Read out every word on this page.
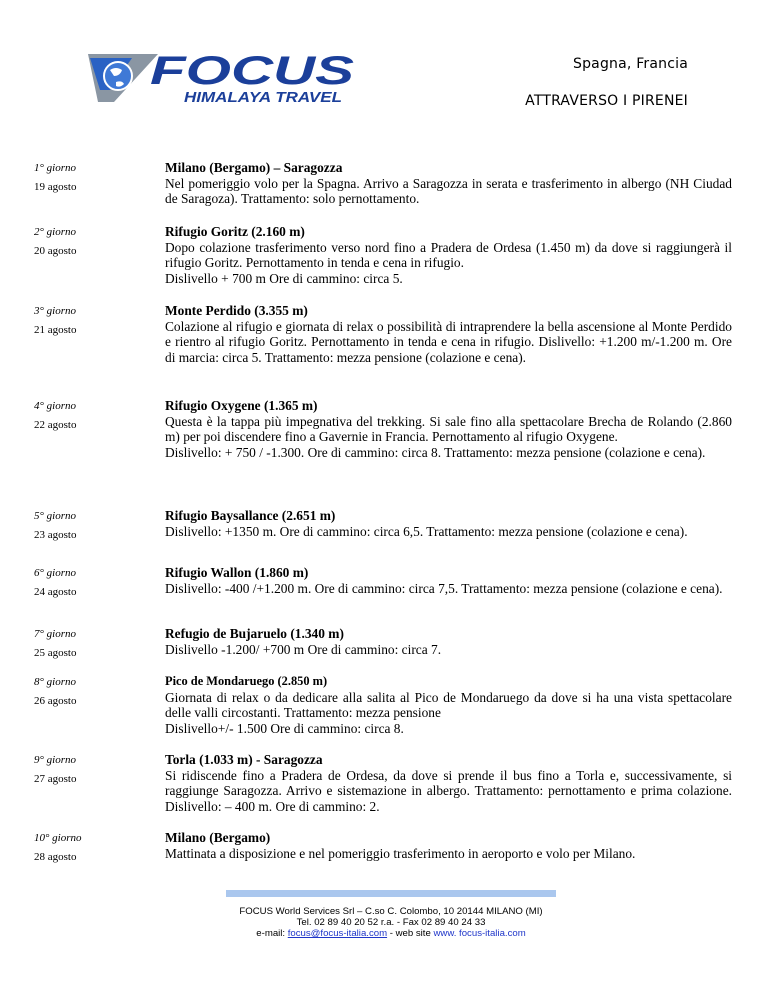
FOCUS
HIMALAYA TRAVEL
Spagna, Francia
ATTRAVERSO I PIRENEI
1° giorno
19 agosto
Milano (Bergamo) – Saragozza

Nel pomeriggio volo per la Spagna. Arrivo a Saragozza in serata e trasferimento in albergo (NH Ciudad de Saragoza). Trattamento: solo pernottamento.

2° giorno
20 agosto
Rifugio Goritz (2.160 m)

Dopo colazione trasferimento verso nord fino a Pradera de Ordesa (1.450 m) da dove si raggiungerà il rifugio Goritz. Pernottamento in tenda e cena in rifugio.

Dislivello + 700 m Ore di cammino: circa 5.

3° giorno
21 agosto
Monte Perdido (3.355 m)

Colazione al rifugio e giornata di relax o possibilità di intraprendere la bella ascensione al Monte Perdido e rientro al rifugio Goritz. Pernottamento in tenda e cena in rifugio. Dislivello: +1.200 m/-1.200 m. Ore di marcia: circa 5. Trattamento: mezza pensione (colazione e cena).

4° giorno
22 agosto
Rifugio Oxygene (1.365 m)

Questa è la tappa più impegnativa del trekking. Si sale fino alla spettacolare Brecha de Rolando (2.860 m) per poi discendere fino a Gavernie in Francia. Pernottamento al rifugio Oxygene.

Dislivello: + 750 / -1.300. Ore di cammino: circa 8. Trattamento: mezza pensione (colazione e cena).

5° giorno
23 agosto
Rifugio Baysallance (2.651 m)

Dislivello: +1350 m. Ore di cammino: circa 6,5. Trattamento: mezza pensione (colazione e cena).

6° giorno
24 agosto
Rifugio Wallon (1.860 m)

Dislivello: -400 /+1.200 m. Ore di cammino: circa 7,5. Trattamento: mezza pensione (colazione e cena).

7° giorno
25 agosto
Refugio de Bujaruelo (1.340 m)

Dislivello -1.200/ +700 m Ore di cammino: circa 7.

8° giorno
26 agosto
Pico de Mondaruego (2.850 m)

Giornata di relax o da dedicare alla salita al Pico de Mondaruego da dove si ha una vista spettacolare delle valli circostanti. Trattamento: mezza pensione

Dislivello+/- 1.500 Ore di cammino: circa 8.

9° giorno
27 agosto
Torla (1.033 m) - Saragozza

Si ridiscende fino a Pradera de Ordesa, da dove si prende il bus fino a Torla e, successivamente, si raggiunge Saragozza. Arrivo e sistemazione in albergo. Trattamento: pernottamento e prima colazione. Dislivello: – 400 m. Ore di cammino: 2.

10° giorno
28 agosto
Milano (Bergamo)

Mattinata a disposizione e nel pomeriggio trasferimento in aeroporto e volo per Milano.

FOCUS World Services Srl – C.so C. Colombo, 10 20144 MILANO (MI)
Tel. 02 89 40 20 52 r.a. - Fax 02 89 40 24 33
e-mail: focus@focus-italia.com - web site www. focus-italia.com
